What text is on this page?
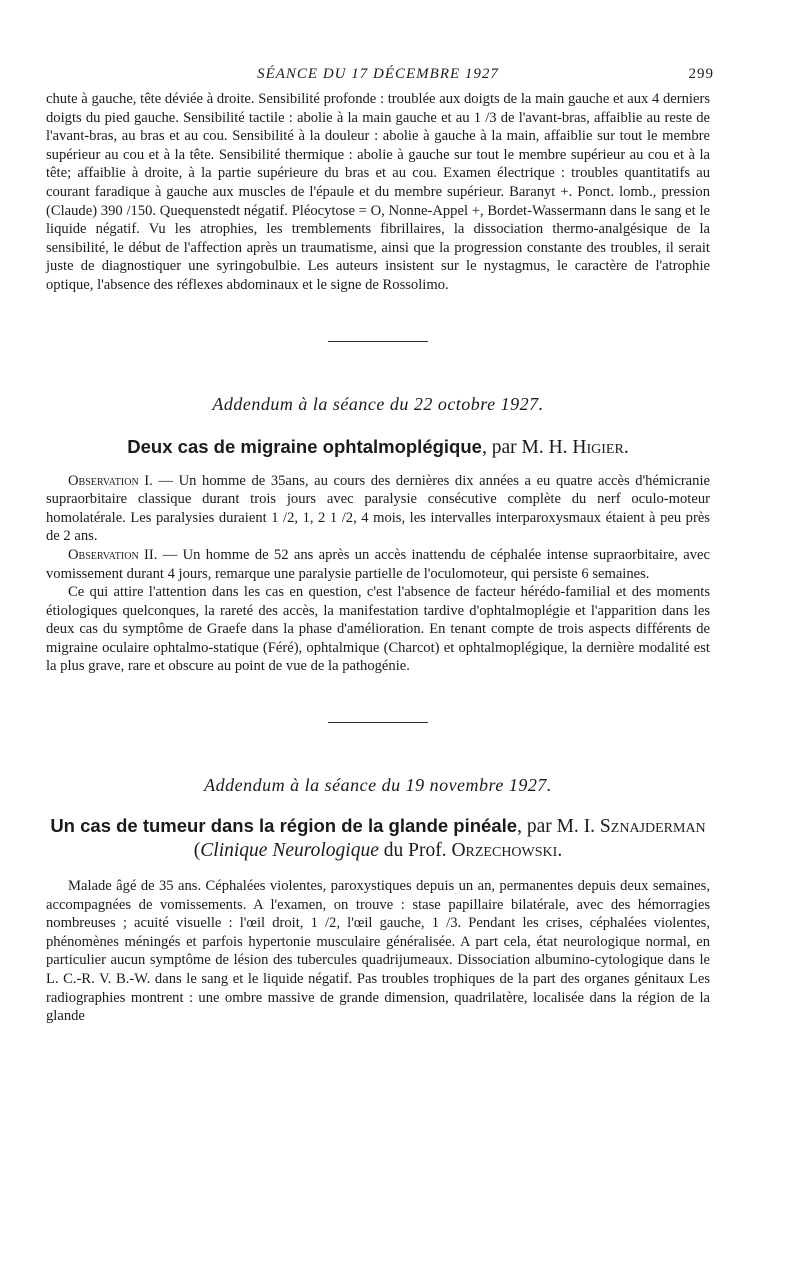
SÉANCE DU 17 DÉCEMBRE 1927	299

chute à gauche, tête déviée à droite. Sensibilité profonde : troublée aux doigts de la main gauche et aux 4 derniers doigts du pied gauche. Sensibilité tactile : abolie à la main gauche et au 1 /3 de l'avant-bras, affaiblie au reste de l'avant-bras, au bras et au cou. Sensibilité à la douleur : abolie à gauche à la main, affaiblie sur tout le membre supérieur au cou et à la tête. Sensibilité thermique : abolie à gauche sur tout le membre supérieur au cou et à la tête; affaiblie à droite, à la partie supérieure du bras et au cou. Examen électrique : troubles quantitatifs au courant faradique à gauche aux muscles de l'épaule et du membre supérieur. Baranyt +. Ponct. lomb., pression (Claude) 390 /150. Quequenstedt négatif. Pléocytose = O, Nonne-Appel +, Bordet-Wassermann dans le sang et le liquide négatif. Vu les atrophies, les tremblements fibrillaires, la dissociation thermo-analgésique de la sensibilité, le début de l'affection après un traumatisme, ainsi que la progression constante des troubles, il serait juste de diagnostiquer une syringobulbie. Les auteurs insistent sur le nystagmus, le caractère de l'atrophie optique, l'absence des réflexes abdominaux et le signe de Rossolimo.

Addendum à la séance du 22 octobre 1927.
Deux cas de migraine ophtalmoplégique, par M. H. Higier.

Observation I. — Un homme de 35ans, au cours des dernières dix années a eu quatre accès d'hémicranie supraorbitaire classique durant trois jours avec paralysie consécutive complète du nerf oculo-moteur homolatérale. Les paralysies duraient 1 /2, 1, 2 1 /2, 4 mois, les intervalles interparoxysmaux étaient à peu près de 2 ans.

Observation II. — Un homme de 52 ans après un accès inattendu de céphalée intense supraorbitaire, avec vomissement durant 4 jours, remarque une paralysie partielle de l'oculomoteur, qui persiste 6 semaines.

Ce qui attire l'attention dans les cas en question, c'est l'absence de facteur hérédo-familial et des moments étiologiques quelconques, la rareté des accès, la manifestation tardive d'ophtalmoplégie et l'apparition dans les deux cas du symptôme de Graefe dans la phase d'amélioration. En tenant compte de trois aspects différents de migraine oculaire ophtalmo-statique (Féré), ophtalmique (Charcot) et ophtalmoplégique, la dernière modalité est la plus grave, rare et obscure au point de vue de la pathogénie.

Addendum à la séance du 19 novembre 1927.
Un cas de tumeur dans la région de la glande pinéale, par M. I. Sznajderman (Clinique Neurologique du Prof. Orzechowski.

Malade âgé de 35 ans. Céphalées violentes, paroxystiques depuis un an, permanentes depuis deux semaines, accompagnées de vomissements. A l'examen, on trouve : stase papillaire bilatérale, avec des hémorragies nombreuses ; acuité visuelle : l'œil droit, 1 /2, l'œil gauche, 1 /3. Pendant les crises, céphalées violentes, phénomènes méningés et parfois hypertonie musculaire généralisée. A part cela, état neurologique normal, en particulier aucun symptôme de lésion des tubercules quadrijumeaux. Dissociation albumino-cytologique dans le L. C.-R. V. B.-W. dans le sang et le liquide négatif. Pas troubles trophiques de la part des organes génitaux Les radiographies montrent : une ombre massive de grande dimension, quadrilatère, localisée dans la région de la glande
